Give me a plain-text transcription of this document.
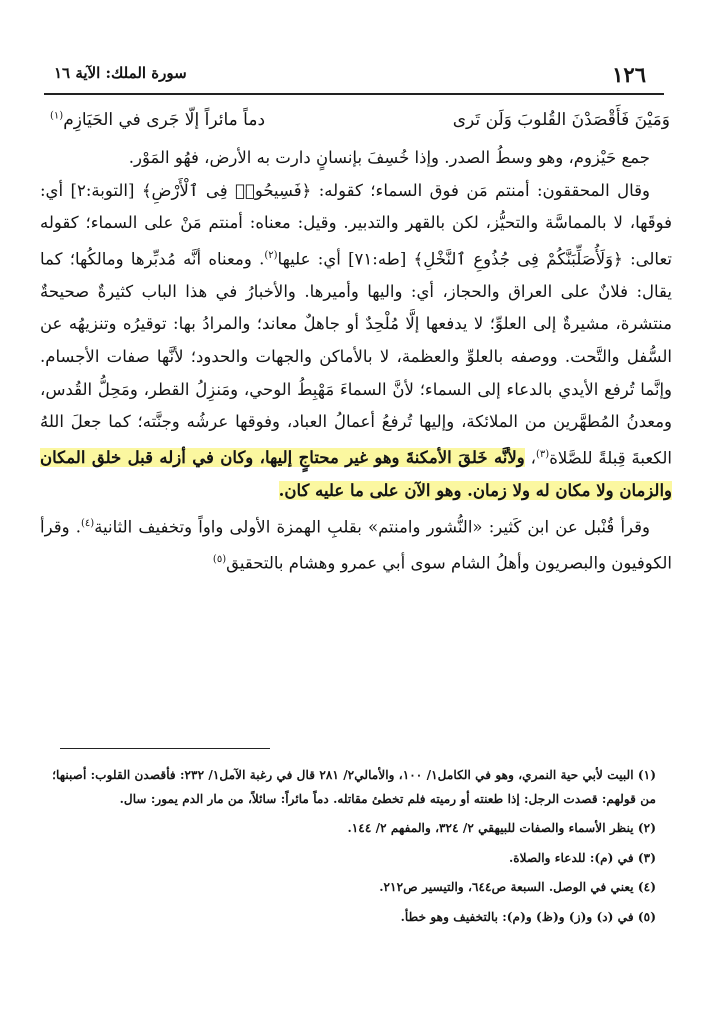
١٢٦
سورة الملك: الآية ١٦
وَمَيْنَ فَأَقْصَدْنَ القُلوبَ وَلَن تَرى
دماً مائراً إلّا جَرى في الحَيَازِم$^{(١)}$

جمع حَيْزوم، وهو وسطُ الصدر. وإذا خُسِفَ بإنسانٍ دارت به الأرض، فهُو المَوْر.

وقال المحققون: أمنتم مَن فوق السماء؛ كقوله: ﴿فَسِيحُوا۟ فِى ٱلْأَرْضِ﴾ [التوبة:٢] أي: فوقَها، لا بالمماسَّة والتحيُّز، لكن بالقهر والتدبير. وقيل: معناه: أمنتم مَنْ على السماء؛ كقوله تعالى: ﴿وَلَأُصَلِّبَنَّكُمْ فِى جُذُوعِ ٱلنَّخْلِ﴾ [طه:٧١] أي: عليها$^{(٢)}$. ومعناه أنَّه مُدبِّرها ومالكُها؛ كما يقال: فلانٌ على العراق والحجاز، أي: واليها وأميرها. والأخبارُ في هذا الباب كثيرةٌ صحيحةٌ منتشرة، مشيرةٌ إلى العلوِّ؛ لا يدفعها إلَّا مُلْحِدٌ أو جاهلٌ معاند؛ والمرادُ بها: توقيرُه وتنزيهُه عن السُّفل والتَّحت. ووصفه بالعلوِّ والعظمة، لا بالأماكن والجهات والحدود؛ لأنَّها صفات الأجسام. وإنَّما تُرفع الأيدي بالدعاء إلى السماء؛ لأنَّ السماءَ مَهْبِطُ الوحي، ومَنزِلُ القطر، ومَحِلُّ القُدس، ومعدنُ المُطهَّرين من الملائكة، وإليها تُرفعُ أعمالُ العباد، وفوقها عرشُه وجنَّته؛ كما جعلَ اللهُ الكعبةَ قِبلةً للصَّلاة$^{(٣)}$، ولأنَّه خَلقَ الأمكنةَ وهو غير محتاجٍ إليها، وكان في أزله قبل خلق المكان والزمان ولا مكان له ولا زمان. وهو الآن على ما عليه كان.

وقرأ قُنْبل عن ابن كَثير: «النُّشور وامنتم» بقلبِ الهمزة الأولى واواً وتخفيف الثانية$^{(٤)}$. وقرأ الكوفيون والبصريون وأهلُ الشام سوى أبي عمرو وهشام بالتحقيق$^{(٥)}$

(١) البيت لأبي حية النمري، وهو في الكامل١/ ١٠٠، والأمالي٢/ ٢٨١ قال في رغبة الآمل١/ ٢٣٢: فأقصدن القلوب: أصبنها؛ من قولهم: قصدت الرجل: إذا طعنته أو رميته فلم تخطئ مقاتله. دماً مائراً: سائلاً، من مار الدم يمور: سال.
(٢) ينظر الأسماء والصفات للبيهقي ٢/ ٣٢٤، والمفهم ٢/ ١٤٤.
(٣) في (م): للدعاء والصلاة.
(٤) يعني في الوصل. السبعة ص٦٤٤، والتيسير ص٢١٢.
(٥) في (د) و(ز) و(ظ) و(م): بالتخفيف وهو خطأ.
